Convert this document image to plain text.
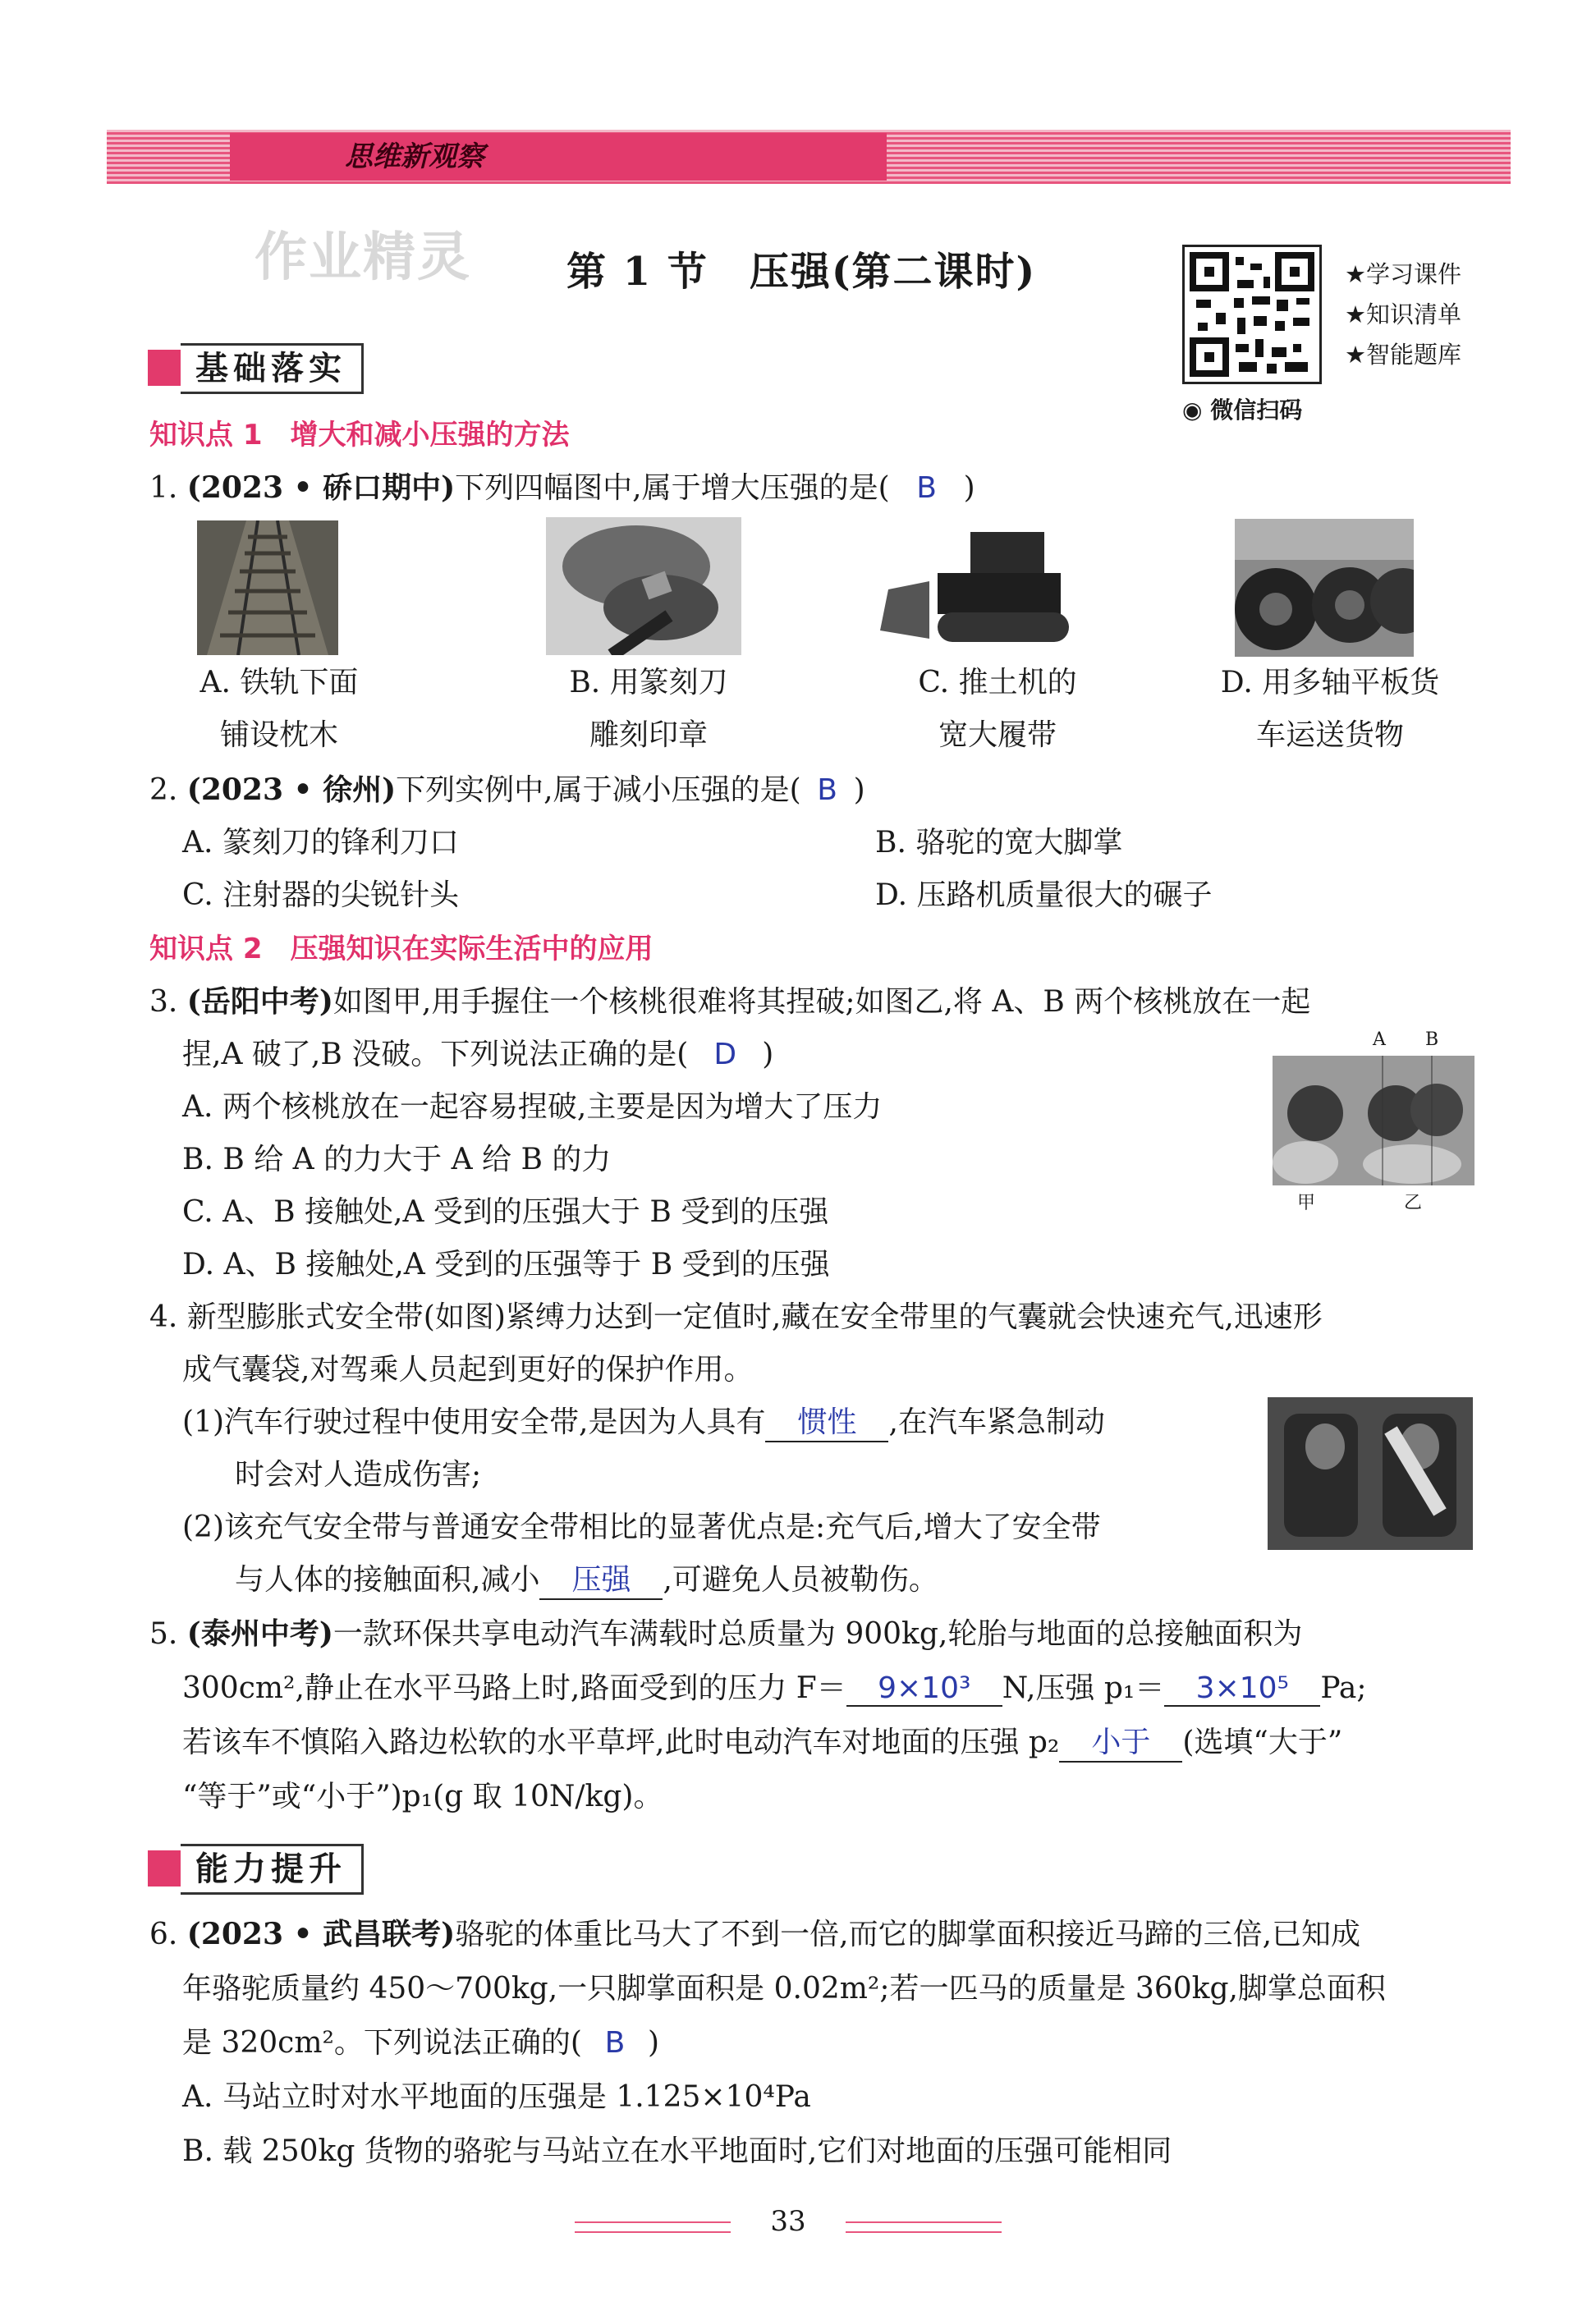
思维新观察
作业精灵 第 1 节　压强(第二课时)	★学习课件
★知识清单
★智能题库
◉ 微信扫码
基础落实
知识点 1　增大和减小压强的方法
1. (2023 • 硚口期中)下列四幅图中,属于增大压强的是( B )
A. 铁轨下面
铺设枕木
B. 用篆刻刀
雕刻印章
C. 推土机的
宽大履带
D. 用多轴平板货
车运送货物
2. (2023 • 徐州)下列实例中,属于减小压强的是( B )
A. 篆刻刀的锋利刀口	B. 骆驼的宽大脚掌
C. 注射器的尖锐针头	D. 压路机质量很大的碾子
知识点 2　压强知识在实际生活中的应用
3. (岳阳中考)如图甲,用手握住一个核桃很难将其捏破;如图乙,将 A、B 两个核桃放在一起
捏,A 破了,B 没破。下列说法正确的是( D )
A. 两个核桃放在一起容易捏破,主要是因为增大了压力
B. B 给 A 的力大于 A 给 B 的力
C. A、B 接触处,A 受到的压强大于 B 受到的压强
D. A、B 接触处,A 受到的压强等于 B 受到的压强
A B
甲	乙
4. 新型膨胀式安全带(如图)紧缚力达到一定值时,藏在安全带里的气囊就会快速充气,迅速形
成气囊袋,对驾乘人员起到更好的保护作用。
(1)汽车行驶过程中使用安全带,是因为人具有 惯性 ,在汽车紧急制动
时会对人造成伤害;
(2)该充气安全带与普通安全带相比的显著优点是:充气后,增大了安全带
与人体的接触面积,减小 压强 ,可避免人员被勒伤。
5. (泰州中考)一款环保共享电动汽车满载时总质量为 900kg,轮胎与地面的总接触面积为
300cm²,静止在水平马路上时,路面受到的压力 F＝ 9×10³ N,压强 p₁＝ 3×10⁵ Pa;
若该车不慎陷入路边松软的水平草坪,此时电动汽车对地面的压强 p₂ 小于 (选填“大于”
“等于”或“小于”)p₁(g 取 10N/kg)。
能力提升
6. (2023 • 武昌联考)骆驼的体重比马大了不到一倍,而它的脚掌面积接近马蹄的三倍,已知成
年骆驼质量约 450～700kg,一只脚掌面积是 0.02m²;若一匹马的质量是 360kg,脚掌总面积
是 320cm²。下列说法正确的( B )
A. 马站立时对水平地面的压强是 1.125×10⁴Pa
B. 载 250kg 货物的骆驼与马站立在水平地面时,它们对地面的压强可能相同
33
